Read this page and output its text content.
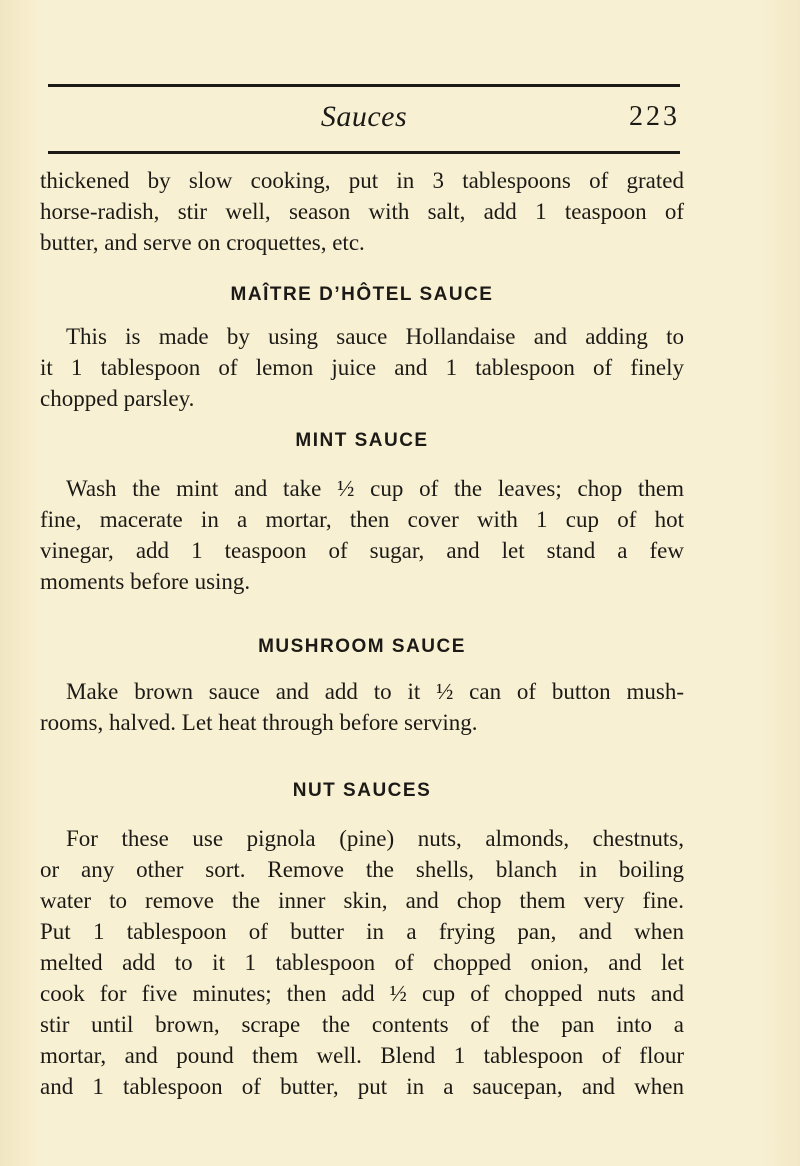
Sauces	223
thickened by slow cooking, put in 3 tablespoons of grated
horse-radish, stir well, season with salt, add 1 teaspoon of
butter, and serve on croquettes, etc.
MAÎTRE D’HÔTEL SAUCE
This is made by using sauce Hollandaise and adding to
it 1 tablespoon of lemon juice and 1 tablespoon of finely
chopped parsley.
MINT SAUCE
Wash the mint and take ½ cup of the leaves; chop them
fine, macerate in a mortar, then cover with 1 cup of hot
vinegar, add 1 teaspoon of sugar, and let stand a few
moments before using.
MUSHROOM SAUCE
Make brown sauce and add to it ½ can of button mush-
rooms, halved. Let heat through before serving.
NUT SAUCES
For these use pignola (pine) nuts, almonds, chestnuts,
or any other sort. Remove the shells, blanch in boiling
water to remove the inner skin, and chop them very fine.
Put 1 tablespoon of butter in a frying pan, and when
melted add to it 1 tablespoon of chopped onion, and let
cook for five minutes; then add ½ cup of chopped nuts and
stir until brown, scrape the contents of the pan into a
mortar, and pound them well. Blend 1 tablespoon of flour
and 1 tablespoon of butter, put in a saucepan, and when
